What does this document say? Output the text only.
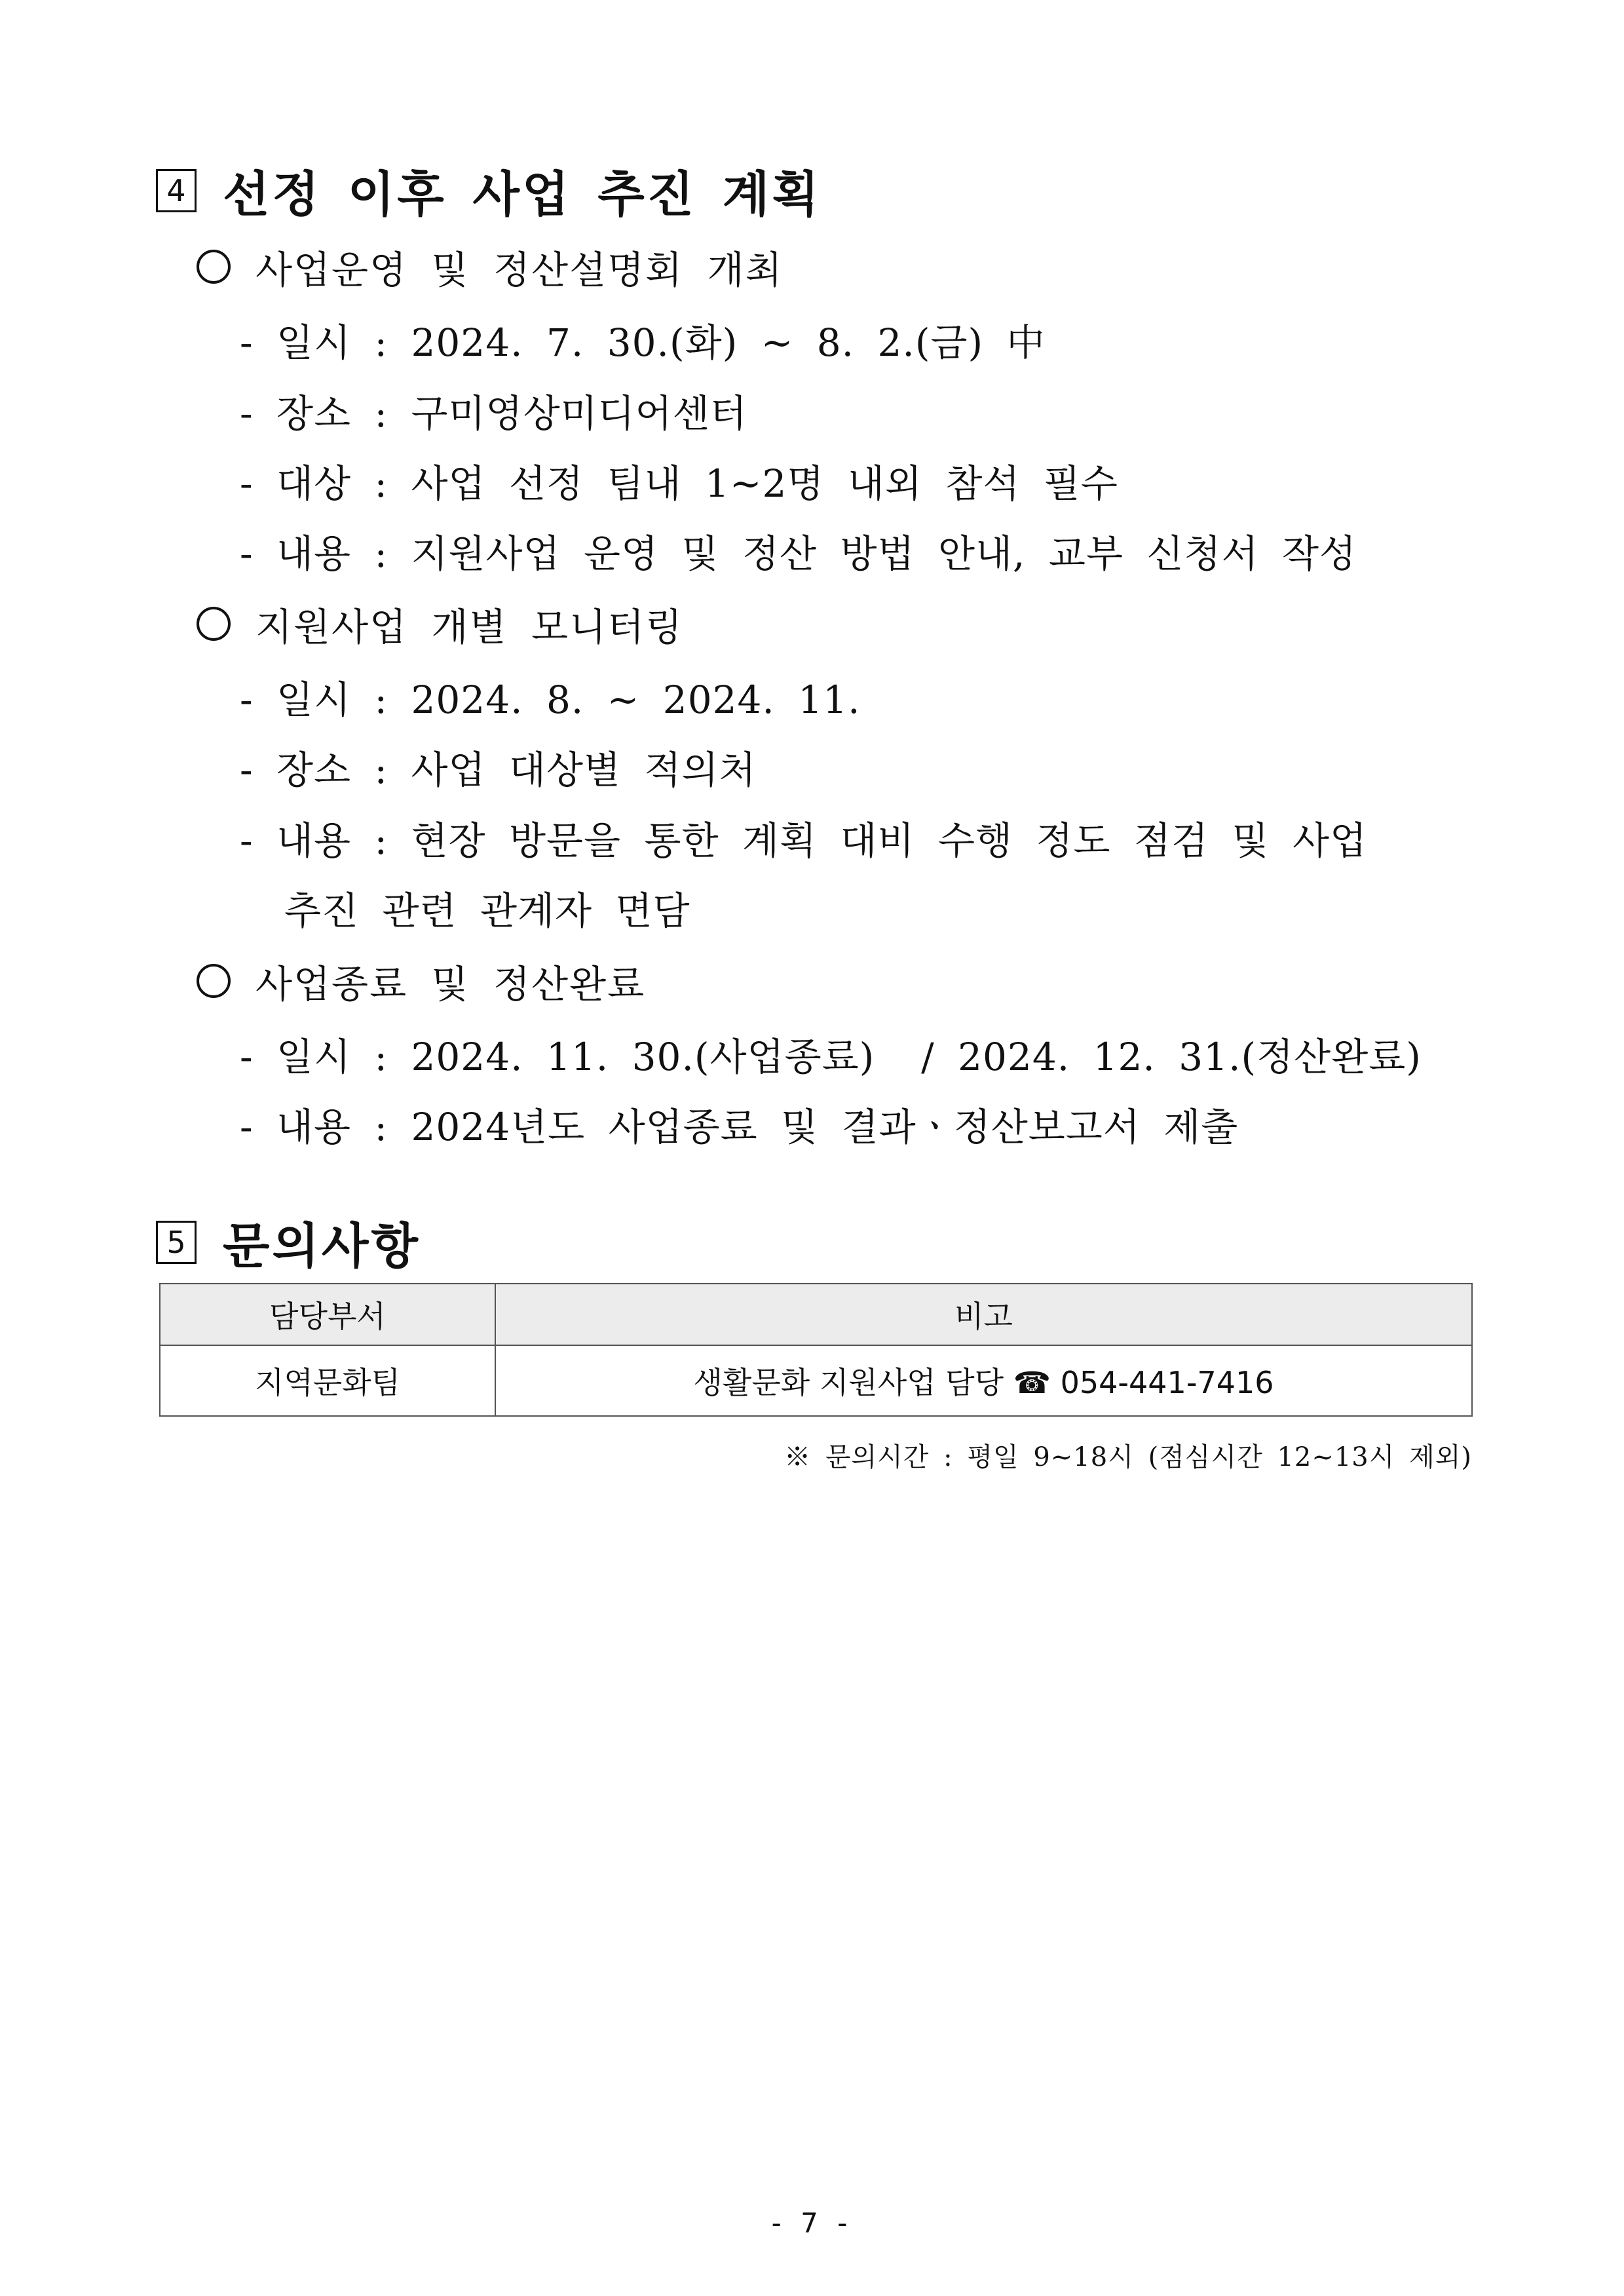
4 선정 이후 사업 추진 계획
사업운영 및 정산설명회 개최
- 일시 : 2024. 7. 30.(화) ~ 8. 2.(금) 中
- 장소 : 구미영상미디어센터
- 대상 : 사업 선정 팀내 1~2명 내외 참석 필수
- 내용 : 지원사업 운영 및 정산 방법 안내, 교부 신청서 작성
지원사업 개별 모니터링
- 일시 : 2024. 8. ~ 2024. 11.
- 장소 : 사업 대상별 적의처
- 내용 : 현장 방문을 통한 계획 대비 수행 정도 점검 및 사업
추진 관련 관계자 면담
사업종료 및 정산완료
- 일시 : 2024. 11. 30.(사업종료)  / 2024. 12. 31.(정산완료)
- 내용 : 2024년도 사업종료 및 결과ㆍ정산보고서 제출
5 문의사항
담당부서	비고
지역문화팀	생활문화 지원사업 담당 ☎ 054-441-7416
※ 문의시간 : 평일 9~18시 (점심시간 12~13시 제외)
- 7 -
